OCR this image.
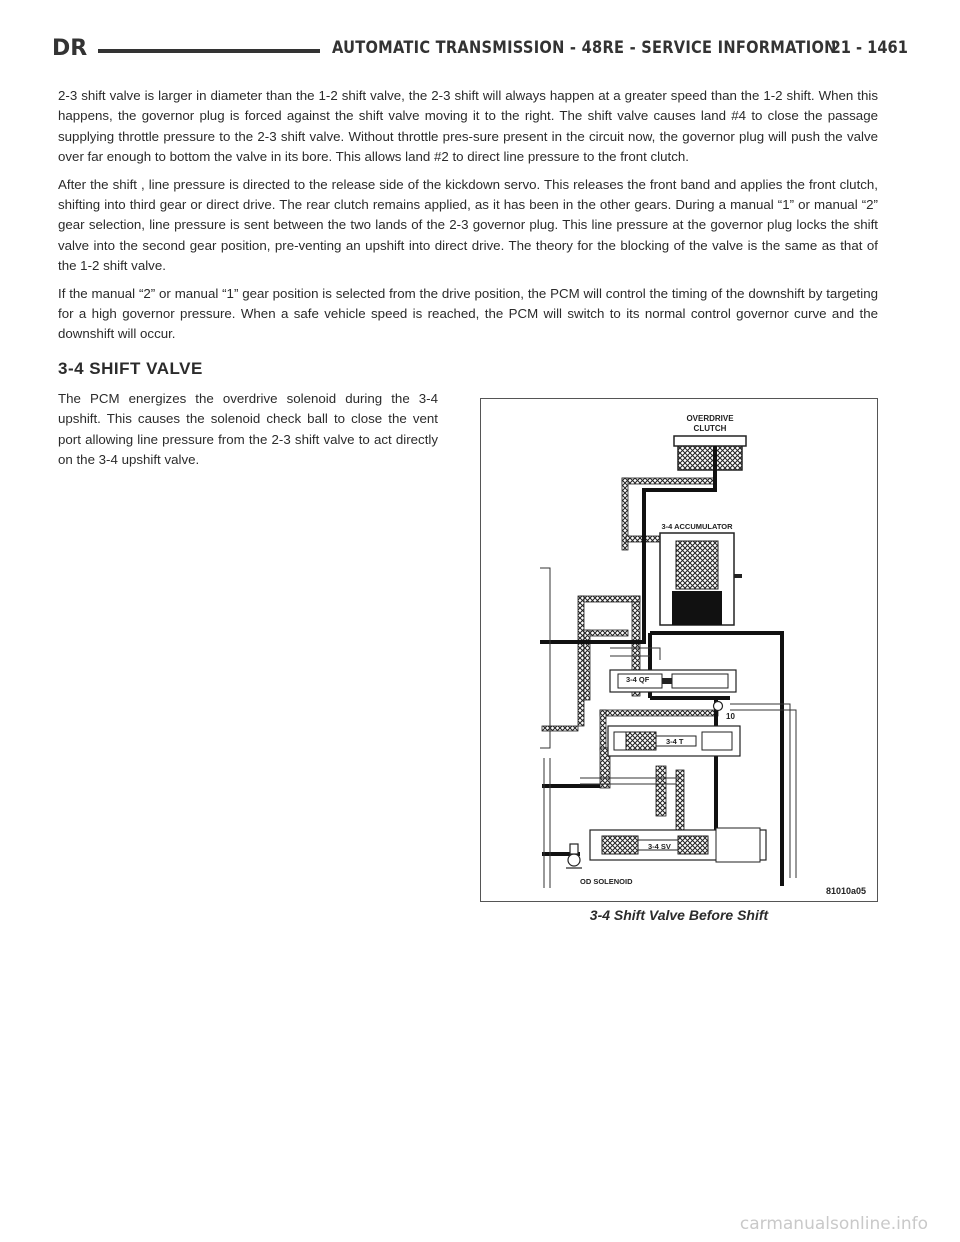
DR	AUTOMATIC TRANSMISSION - 48RE - SERVICE INFORMATION
21 - 1461

2-3 shift valve is larger in diameter than the 1-2 shift valve, the 2-3 shift will always happen at a greater speed than the 1-2 shift. When this happens, the governor plug is forced against the shift valve moving it to the right. The shift valve causes land #4 to close the passage supplying throttle pressure to the 2-3 shift valve. Without throttle pres-sure present in the circuit now, the governor plug will push the valve over far enough to bottom the valve in its bore. This allows land #2 to direct line pressure to the front clutch.

After the shift , line pressure is directed to the release side of the kickdown servo. This releases the front band and applies the front clutch, shifting into third gear or direct drive. The rear clutch remains applied, as it has been in the other gears. During a manual “1” or manual “2” gear selection, line pressure is sent between the two lands of the 2-3 governor plug. This line pressure at the governor plug locks the shift valve into the second gear position, pre-venting an upshift into direct drive. The theory for the blocking of the valve is the same as that of the 1-2 shift valve.

If the manual “2” or manual “1” gear position is selected from the drive position, the PCM will control the timing of the downshift by targeting for a high governor pressure. When a safe vehicle speed is reached, the PCM will switch to its normal control governor curve and the downshift will occur.

3-4 SHIFT VALVE

The PCM energizes the overdrive solenoid during the 3-4 upshift. This causes the solenoid check ball to close the vent port allowing line pressure from the 2-3 shift valve to act directly on the 3-4 upshift valve.

OVERDRIVE
CLUTCH
3-4 ACCUMULATOR
3-4 QF
3-4 T
10
3-4 SV
OD SOLENOID
81010a05
3-4 Shift Valve Before Shift
carmanualsonline.info
